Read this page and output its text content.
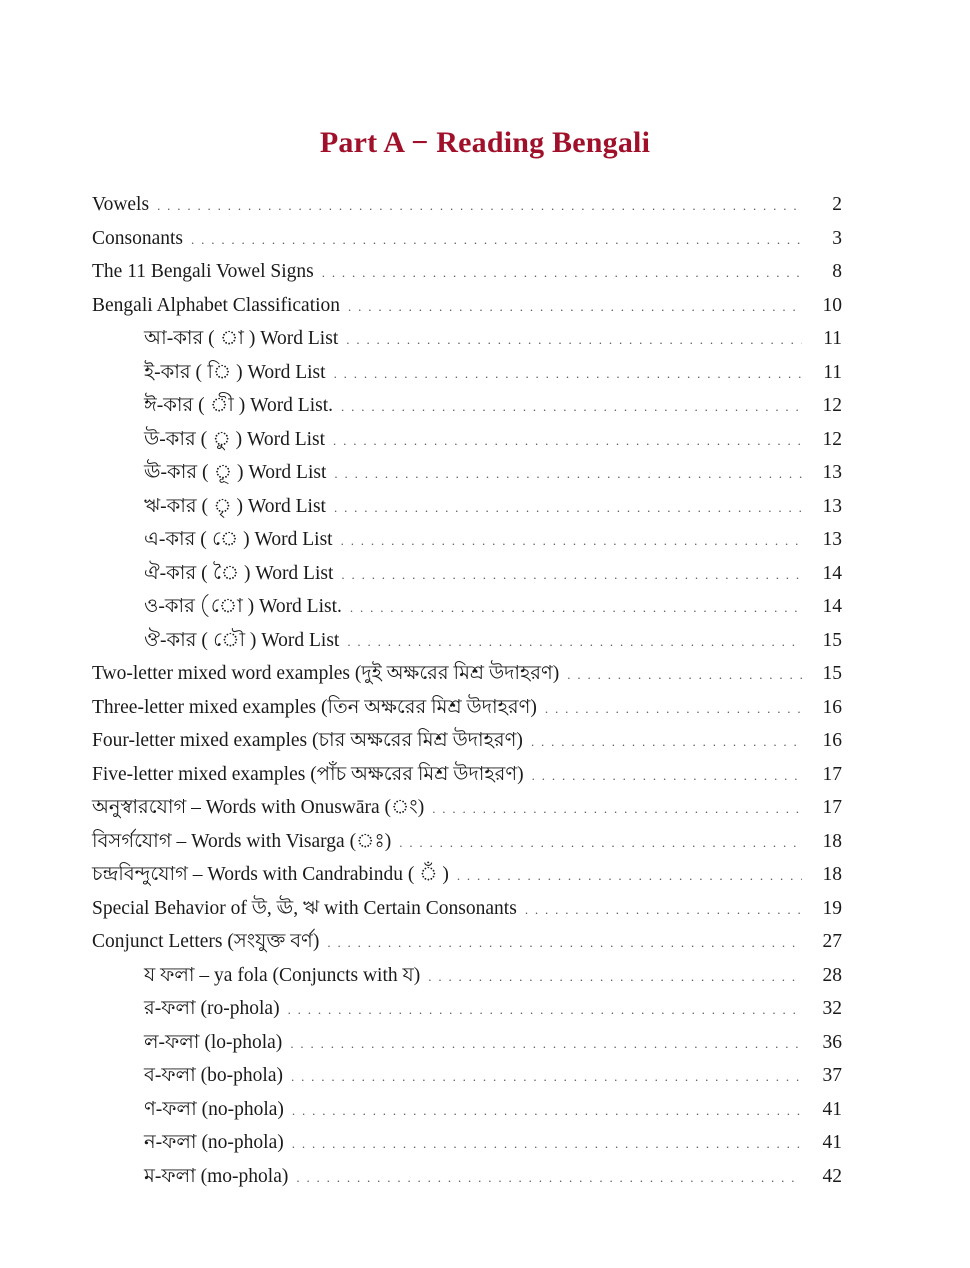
Part A − Reading Bengali
Vowels . . .	2
Consonants . . .	3
The 11 Bengali Vowel Signs . . .	8
Bengali Alphabet Classification . . .	10
আ-কার ( া ) Word List . . .	11
ই-কার ( ি ) Word List . . .	11
ঈ-কার ( ী ) Word List. . . .	12
উ-কার ( ু ) Word List . . .	12
ঊ-কার ( ূ ) Word List . . .	13
ঋ-কার ( ৃ ) Word List . . .	13
এ-কার ( ে ) Word List . . .	13
ঐ-কার ( ৈ ) Word List . . .	14
ও-কার (ো ) Word List. . . .	14
ঔ-কার ( ৌ ) Word List . . .	15
Two-letter mixed word examples (দুই অক্ষরের মিশ্র উদাহরণ) . . .	15
Three-letter mixed examples (তিন অক্ষরের মিশ্র উদাহরণ) . . .	16
Four-letter mixed examples (চার অক্ষরের মিশ্র উদাহরণ) . . .	16
Five-letter mixed examples (পাঁচ অক্ষরের মিশ্র উদাহরণ) . . .	17
অনুস্বারযোগ – Words with Onuswāra (ং) . . .	17
বিসর্গযোগ – Words with Visarga (ঃ) . . .	18
চন্দ্রবিন্দুযোগ – Words with Candrabindu ( ঁ ) . . .	18
Special Behavior of উ, ঊ, ঋ with Certain Consonants . . .	19
Conjunct Letters (সংযুক্ত বর্ণ) . . .	27
য ফলা – ya fola (Conjuncts with য) . . .	28
র-ফলা (ro-phola) . . .	32
ল-ফলা (lo-phola) . . .	36
ব-ফলা (bo-phola) . . .	37
ণ-ফলা (no-phola) . . .	41
ন-ফলা (no-phola) . . .	41
ম-ফলা (mo-phola) . . .	42
